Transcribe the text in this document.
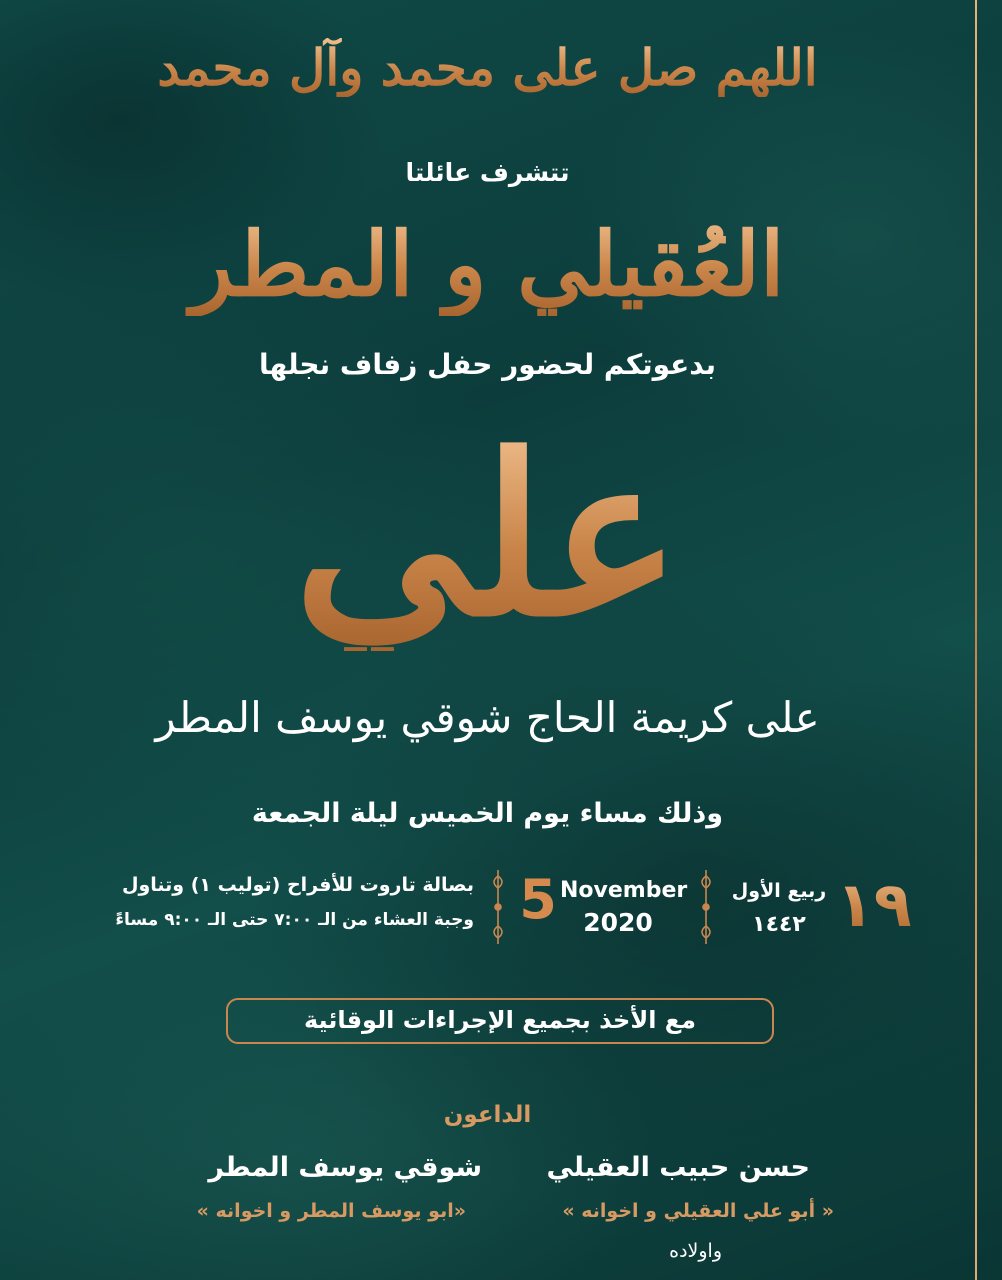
اللهم صل على محمد وآل محمد
تتشرف عائلتا
العُقيلي و المطر
بدعوتكم لحضور حفل زفاف نجلها
علي
على كريمة الحاج شوقي يوسف المطر
وذلك مساء يوم الخميس ليلة الجمعة
١٩
ربيع الأول
١٤٤٢
5 November
2020
بصالة تاروت للأفراح (توليب ١) وتناول
وجبة العشاء من الـ ٧:٠٠ حتى الـ ٩:٠٠ مساءً
مع الأخذ بجميع الإجراءات الوقائية
الداعون
حسن حبيب العقيلي
شوقي يوسف المطر
« أبو علي العقيلي و اخوانه »
«ابو يوسف المطر و اخوانه »
واولاده
